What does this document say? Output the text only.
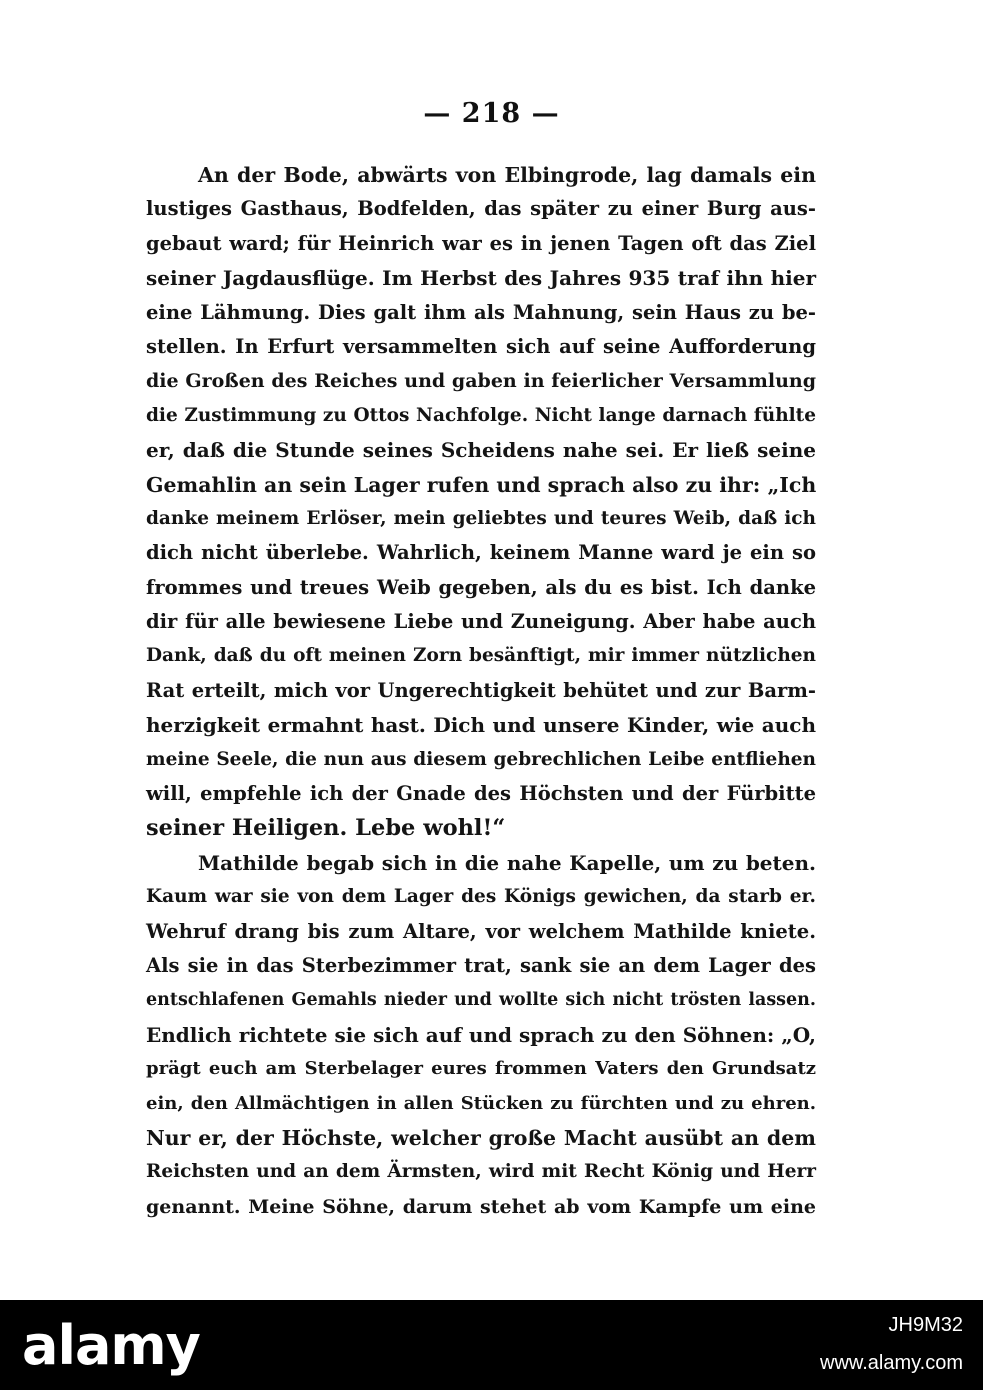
— 218 —
An der Bode, abwärts von Elbingrode, lag damals ein
lustiges Gasthaus, Bodfelden, das später zu einer Burg aus-
gebaut ward; für Heinrich war es in jenen Tagen oft das Ziel
seiner Jagdausflüge. Im Herbst des Jahres 935 traf ihn hier
eine Lähmung. Dies galt ihm als Mahnung, sein Haus zu be-
stellen. In Erfurt versammelten sich auf seine Aufforderung
die Großen des Reiches und gaben in feierlicher Versammlung
die Zustimmung zu Ottos Nachfolge. Nicht lange darnach fühlte
er, daß die Stunde seines Scheidens nahe sei. Er ließ seine
Gemahlin an sein Lager rufen und sprach also zu ihr: „Ich
danke meinem Erlöser, mein geliebtes und teures Weib, daß ich
dich nicht überlebe. Wahrlich, keinem Manne ward je ein so
frommes und treues Weib gegeben, als du es bist. Ich danke
dir für alle bewiesene Liebe und Zuneigung. Aber habe auch
Dank, daß du oft meinen Zorn besänftigt, mir immer nützlichen
Rat erteilt, mich vor Ungerechtigkeit behütet und zur Barm-
herzigkeit ermahnt hast. Dich und unsere Kinder, wie auch
meine Seele, die nun aus diesem gebrechlichen Leibe entfliehen
will, empfehle ich der Gnade des Höchsten und der Fürbitte
seiner Heiligen. Lebe wohl!“
Mathilde begab sich in die nahe Kapelle, um zu beten.
Kaum war sie von dem Lager des Königs gewichen, da starb er.
Wehruf drang bis zum Altare, vor welchem Mathilde kniete.
Als sie in das Sterbezimmer trat, sank sie an dem Lager des
entschlafenen Gemahls nieder und wollte sich nicht trösten lassen.
Endlich richtete sie sich auf und sprach zu den Söhnen: „O,
prägt euch am Sterbelager eures frommen Vaters den Grundsatz
ein, den Allmächtigen in allen Stücken zu fürchten und zu ehren.
Nur er, der Höchste, welcher große Macht ausübt an dem
Reichsten und an dem Ärmsten, wird mit Recht König und Herr
genannt. Meine Söhne, darum stehet ab vom Kampfe um eine
alamy	JH9M32
www.alamy.com
